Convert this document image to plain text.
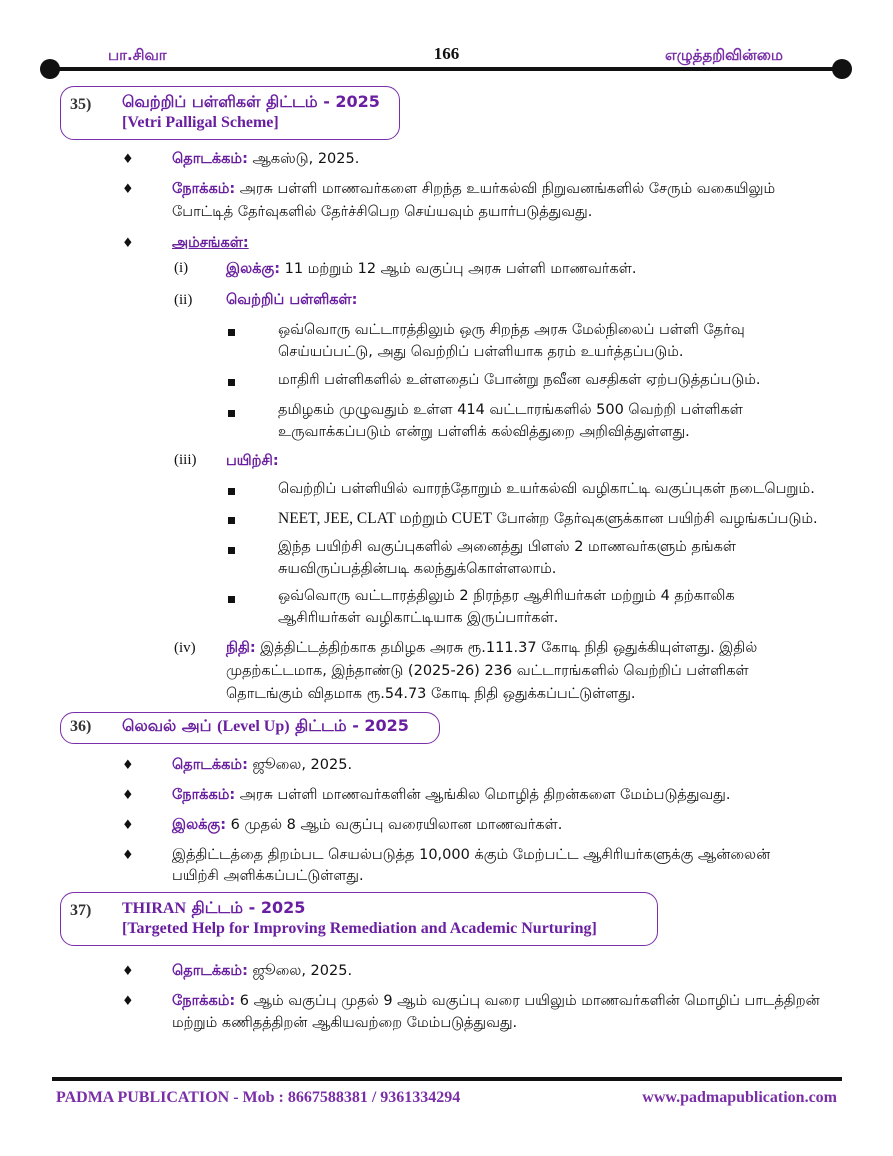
பா.சிவா	166	எழுத்தறிவின்மை
35) வெற்றிப் பள்ளிகள் திட்டம் - 2025
[Vetri Palligal Scheme]
♦	தொடக்கம்: ஆகஸ்டு, 2025.
♦	நோக்கம்: அரசு பள்ளி மாணவர்களை சிறந்த உயர்கல்வி நிறுவனங்களில் சேரும் வகையிலும்
போட்டித் தேர்வுகளில் தேர்ச்சிபெற செய்யவும் தயார்படுத்துவது.
♦	அம்சங்கள்:
(i)	இலக்கு: 11 மற்றும் 12 ஆம் வகுப்பு அரசு பள்ளி மாணவர்கள்.
(ii) வெற்றிப் பள்ளிகள்:
ஒவ்வொரு வட்டாரத்திலும் ஒரு சிறந்த அரசு மேல்நிலைப் பள்ளி தேர்வு
செய்யப்பட்டு, அது வெற்றிப் பள்ளியாக தரம் உயர்த்தப்படும்.
மாதிரி பள்ளிகளில் உள்ளதைப் போன்று நவீன வசதிகள் ஏற்படுத்தப்படும்.
தமிழகம் முழுவதும் உள்ள 414 வட்டாரங்களில் 500 வெற்றி பள்ளிகள்
உருவாக்கப்படும் என்று பள்ளிக் கல்வித்துறை அறிவித்துள்ளது.
(iii) பயிற்சி:
வெற்றிப் பள்ளியில் வாரந்தோறும் உயர்கல்வி வழிகாட்டி வகுப்புகள் நடைபெறும்.
NEET, JEE, CLAT மற்றும் CUET போன்ற தேர்வுகளுக்கான பயிற்சி வழங்கப்படும்.
இந்த பயிற்சி வகுப்புகளில் அனைத்து பிளஸ் 2 மாணவர்களும் தங்கள்
சுயவிருப்பத்தின்படி கலந்துக்கொள்ளலாம்.
ஒவ்வொரு வட்டாரத்திலும் 2 நிரந்தர ஆசிரியர்கள் மற்றும் 4 தற்காலிக
ஆசிரியர்கள் வழிகாட்டியாக இருப்பார்கள்.
(iv) நிதி: இத்திட்டத்திற்காக தமிழக அரசு ரூ.111.37 கோடி நிதி ஒதுக்கியுள்ளது. இதில்
முதற்கட்டமாக, இந்தாண்டு (2025-26) 236 வட்டாரங்களில் வெற்றிப் பள்ளிகள்
தொடங்கும் விதமாக ரூ.54.73 கோடி நிதி ஒதுக்கப்பட்டுள்ளது.
36) லெவல் அப் (Level Up) திட்டம் - 2025
♦	தொடக்கம்: ஜூலை, 2025.
♦	நோக்கம்: அரசு பள்ளி மாணவர்களின் ஆங்கில மொழித் திறன்களை மேம்படுத்துவது.
♦	இலக்கு: 6 முதல் 8 ஆம் வகுப்பு வரையிலான மாணவர்கள்.
♦	இத்திட்டத்தை திறம்பட செயல்படுத்த 10,000 க்கும் மேற்பட்ட ஆசிரியர்களுக்கு ஆன்லைன்
பயிற்சி அளிக்கப்பட்டுள்ளது.
37) THIRAN திட்டம் - 2025
[Targeted Help for Improving Remediation and Academic Nurturing]
♦	தொடக்கம்: ஜூலை, 2025.
♦	நோக்கம்: 6 ஆம் வகுப்பு முதல் 9 ஆம் வகுப்பு வரை பயிலும் மாணவர்களின் மொழிப் பாடத்திறன்
மற்றும் கணிதத்திறன் ஆகியவற்றை மேம்படுத்துவது.
PADMA PUBLICATION - Mob : 8667588381 / 9361334294	www.padmapublication.com
